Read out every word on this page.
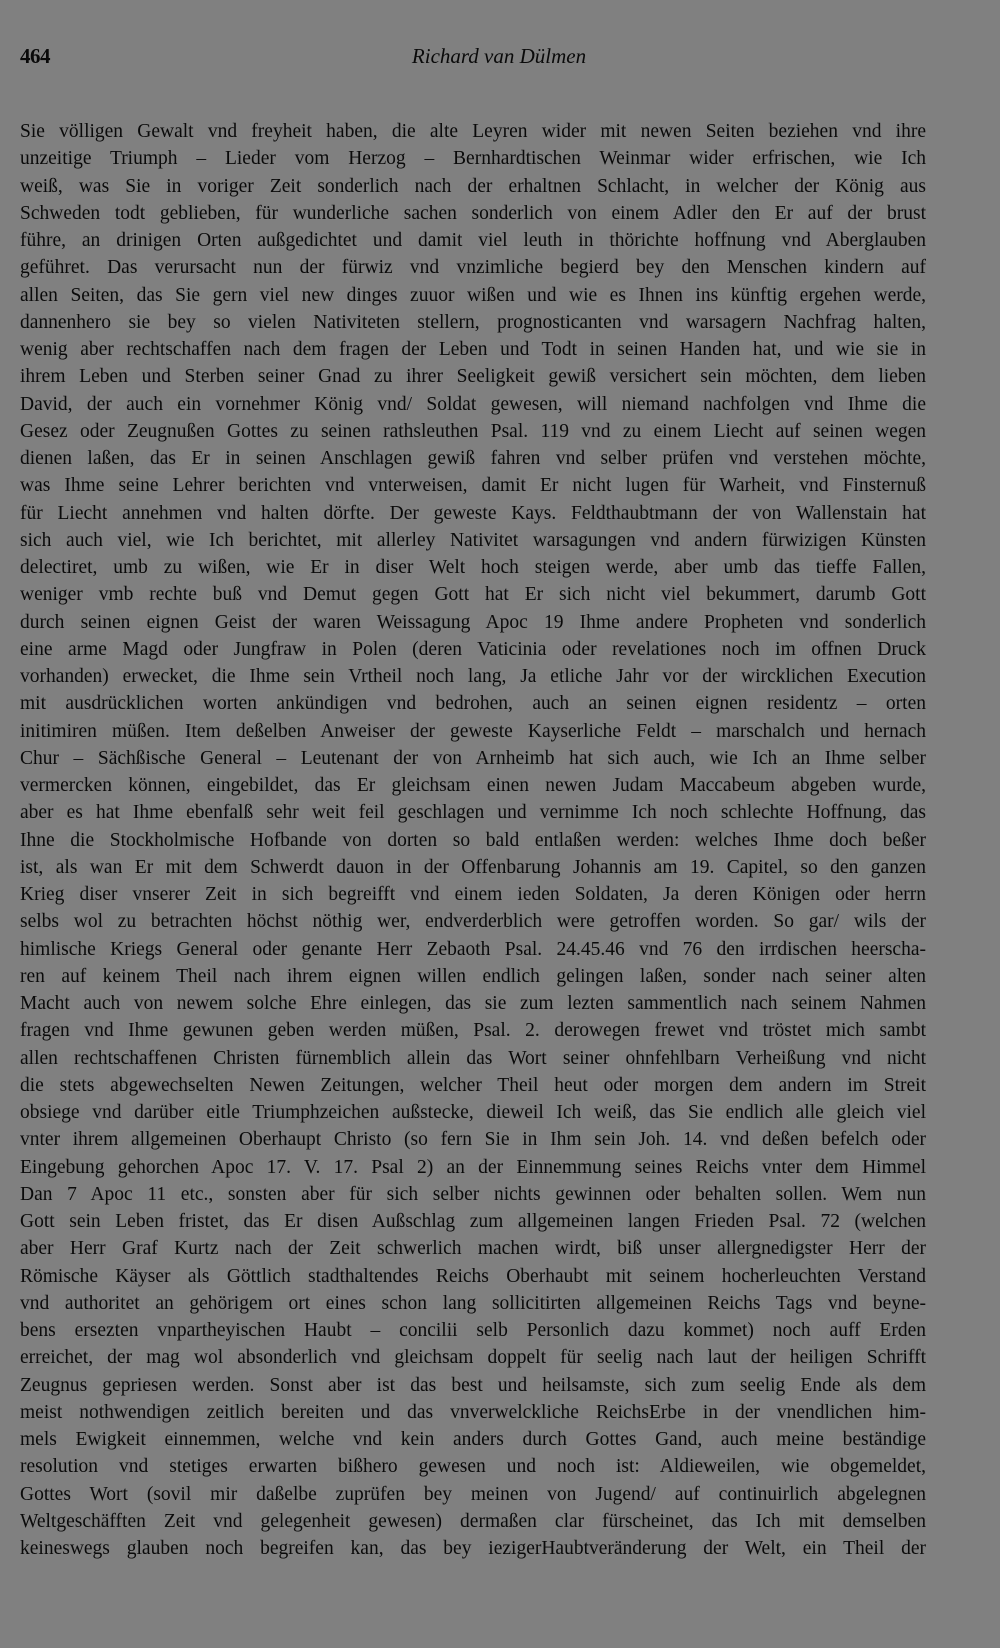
464	Richard van Dülmen
Sie völligen Gewalt vnd freyheit haben, die alte Leyren wider mit newen Seiten beziehen vnd ihre
unzeitige Triumph – Lieder vom Herzog – Bernhardtischen Weinmar wider erfrischen, wie Ich
weiß, was Sie in voriger Zeit sonderlich nach der erhaltnen Schlacht, in welcher der König aus
Schweden todt geblieben, für wunderliche sachen sonderlich von einem Adler den Er auf der brust
führe, an drinigen Orten außgedichtet und damit viel leuth in thörichte hoffnung vnd Aberglauben
geführet. Das verursacht nun der fürwiz vnd vnzimliche begierd bey den Menschen kindern auf
allen Seiten, das Sie gern viel new dinges zuuor wißen und wie es Ihnen ins künftig ergehen werde,
dannenhero sie bey so vielen Nativiteten stellern, prognosticanten vnd warsagern Nachfrag halten,
wenig aber rechtschaffen nach dem fragen der Leben und Todt in seinen Handen hat, und wie sie in
ihrem Leben und Sterben seiner Gnad zu ihrer Seeligkeit gewiß versichert sein möchten, dem lieben
David, der auch ein vornehmer König vnd/ Soldat gewesen, will niemand nachfolgen vnd Ihme die
Gesez oder Zeugnußen Gottes zu seinen rathsleuthen Psal. 119 vnd zu einem Liecht auf seinen wegen
dienen laßen, das Er in seinen Anschlagen gewiß fahren vnd selber prüfen vnd verstehen möchte,
was Ihme seine Lehrer berichten vnd vnterweisen, damit Er nicht lugen für Warheit, vnd Finsternuß
für Liecht annehmen vnd halten dörfte. Der geweste Kays. Feldthaubtmann der von Wallenstain hat
sich auch viel, wie Ich berichtet, mit allerley Nativitet warsagungen vnd andern fürwizigen Künsten
delectiret, umb zu wißen, wie Er in diser Welt hoch steigen werde, aber umb das tieffe Fallen,
weniger vmb rechte buß vnd Demut gegen Gott hat Er sich nicht viel bekummert, darumb Gott
durch seinen eignen Geist der waren Weissagung Apoc 19 Ihme andere Propheten vnd sonderlich
eine arme Magd oder Jungfraw in Polen (deren Vaticinia oder revelationes noch im offnen Druck
vorhanden) erwecket, die Ihme sein Vrtheil noch lang, Ja etliche Jahr vor der wircklichen Execution
mit ausdrücklichen worten ankündigen vnd bedrohen, auch an seinen eignen residentz – orten
initimiren müßen. Item deßelben Anweiser der geweste Kayserliche Feldt – marschalch und hernach
Chur – Sächßische General – Leutenant der von Arnheimb hat sich auch, wie Ich an Ihme selber
vermercken können, eingebildet, das Er gleichsam einen newen Judam Maccabeum abgeben wurde,
aber es hat Ihme ebenfalß sehr weit feil geschlagen und vernimme Ich noch schlechte Hoffnung, das
Ihne die Stockholmische Hofbande von dorten so bald entlaßen werden: welches Ihme doch beßer
ist, als wan Er mit dem Schwerdt dauon in der Offenbarung Johannis am 19. Capitel, so den ganzen
Krieg diser vnserer Zeit in sich begreifft vnd einem ieden Soldaten, Ja deren Königen oder herrn
selbs wol zu betrachten höchst nöthig wer, endverderblich were getroffen worden. So gar/ wils der
himlische Kriegs General oder genante Herr Zebaoth Psal. 24.45.46 vnd 76 den irrdischen heerscha-
ren auf keinem Theil nach ihrem eignen willen endlich gelingen laßen, sonder nach seiner alten
Macht auch von newem solche Ehre einlegen, das sie zum lezten sammentlich nach seinem Nahmen
fragen vnd Ihme gewunen geben werden müßen, Psal. 2. derowegen frewet vnd tröstet mich sambt
allen rechtschaffenen Christen fürnemblich allein das Wort seiner ohnfehlbarn Verheißung vnd nicht
die stets abgewechselten Newen Zeitungen, welcher Theil heut oder morgen dem andern im Streit
obsiege vnd darüber eitle Triumphzeichen außstecke, dieweil Ich weiß, das Sie endlich alle gleich viel
vnter ihrem allgemeinen Oberhaupt Christo (so fern Sie in Ihm sein Joh. 14. vnd deßen befelch oder
Eingebung gehorchen Apoc 17. V. 17. Psal 2) an der Einnemmung seines Reichs vnter dem Himmel
Dan 7 Apoc 11 etc., sonsten aber für sich selber nichts gewinnen oder behalten sollen. Wem nun
Gott sein Leben fristet, das Er disen Außschlag zum allgemeinen langen Frieden Psal. 72 (welchen
aber Herr Graf Kurtz nach der Zeit schwerlich machen wirdt, biß unser allergnedigster Herr der
Römische Käyser als Göttlich stadthaltendes Reichs Oberhaubt mit seinem hocherleuchten Verstand
vnd authoritet an gehörigem ort eines schon lang sollicitirten allgemeinen Reichs Tags vnd beyne-
bens ersezten vnpartheyischen Haubt – concilii selb Personlich dazu kommet) noch auff Erden
erreichet, der mag wol absonderlich vnd gleichsam doppelt für seelig nach laut der heiligen Schrifft
Zeugnus gepriesen werden. Sonst aber ist das best und heilsamste, sich zum seelig Ende als dem
meist nothwendigen zeitlich bereiten und das vnverwelckliche ReichsErbe in der vnendlichen him-
mels Ewigkeit einnemmen, welche vnd kein anders durch Gottes Gand, auch meine beständige
resolution vnd stetiges erwarten bißhero gewesen und noch ist: Aldieweilen, wie obgemeldet,
Gottes Wort (sovil mir daßelbe zuprüfen bey meinen von Jugend/ auf continuirlich abgelegnen
Weltgeschäfften Zeit vnd gelegenheit gewesen) dermaßen clar fürscheinet, das Ich mit demselben
keineswegs glauben noch begreifen kan, das bey iezigerHaubtveränderung der Welt, ein Theil der
